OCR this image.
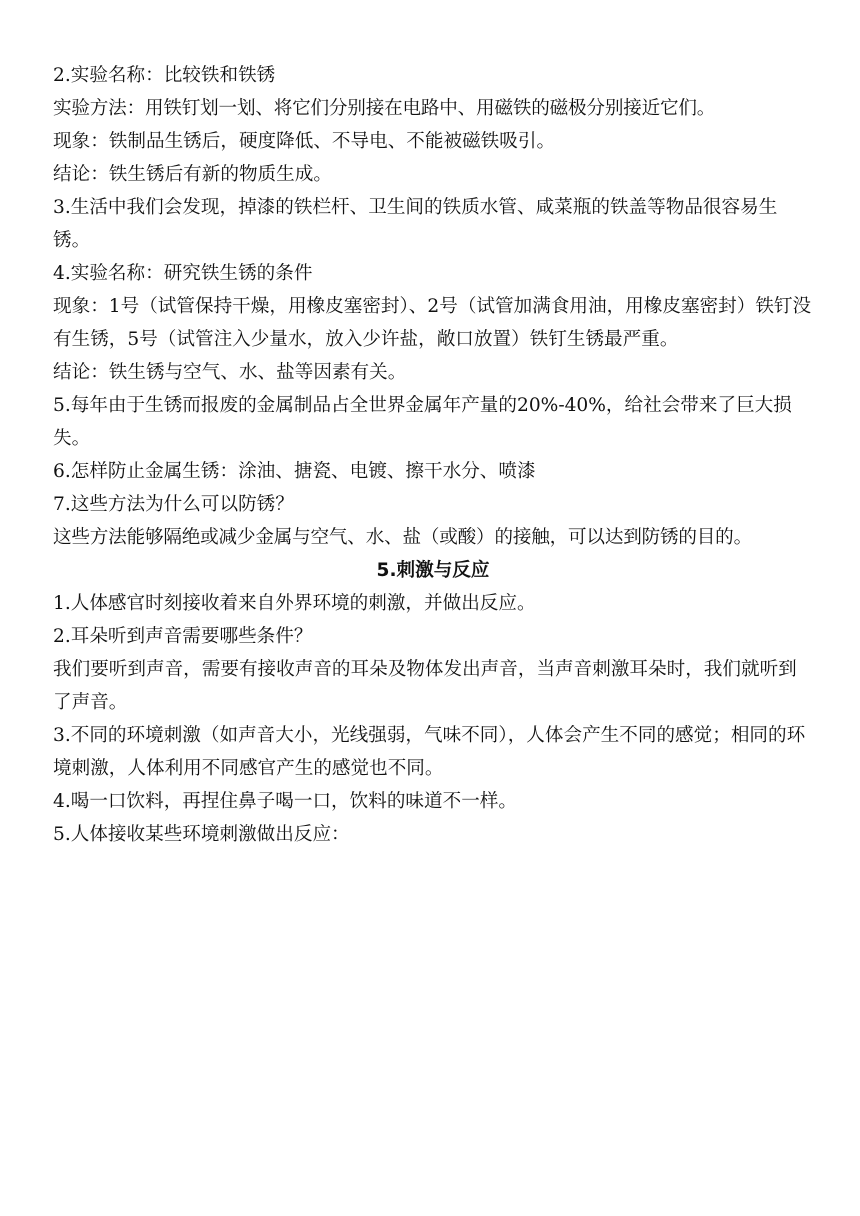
2.实验名称：比较铁和铁锈

实验方法：用铁钉划一划、将它们分别接在电路中、用磁铁的磁极分别接近它们。

现象：铁制品生锈后，硬度降低、不导电、不能被磁铁吸引。

结论：铁生锈后有新的物质生成。

3.生活中我们会发现，掉漆的铁栏杆、卫生间的铁质水管、咸菜瓶的铁盖等物品很容易生锈。

4.实验名称：研究铁生锈的条件

现象：1号（试管保持干燥，用橡皮塞密封）、2号（试管加满食用油，用橡皮塞密封）铁钉没有生锈，5号（试管注入少量水，放入少许盐，敞口放置）铁钉生锈最严重。

结论：铁生锈与空气、水、盐等因素有关。

5.每年由于生锈而报废的金属制品占全世界金属年产量的20%-40%，给社会带来了巨大损失。

6.怎样防止金属生锈：涂油、搪瓷、电镀、擦干水分、喷漆

7.这些方法为什么可以防锈？

这些方法能够隔绝或减少金属与空气、水、盐（或酸）的接触，可以达到防锈的目的。

5.刺激与反应

1.人体感官时刻接收着来自外界环境的刺激，并做出反应。

2.耳朵听到声音需要哪些条件？

我们要听到声音，需要有接收声音的耳朵及物体发出声音，当声音刺激耳朵时，我们就听到了声音。

3.不同的环境刺激（如声音大小，光线强弱，气味不同），人体会产生不同的感觉；相同的环境刺激，人体利用不同感官产生的感觉也不同。

4.喝一口饮料，再捏住鼻子喝一口，饮料的味道不一样。

5.人体接收某些环境刺激做出反应：
